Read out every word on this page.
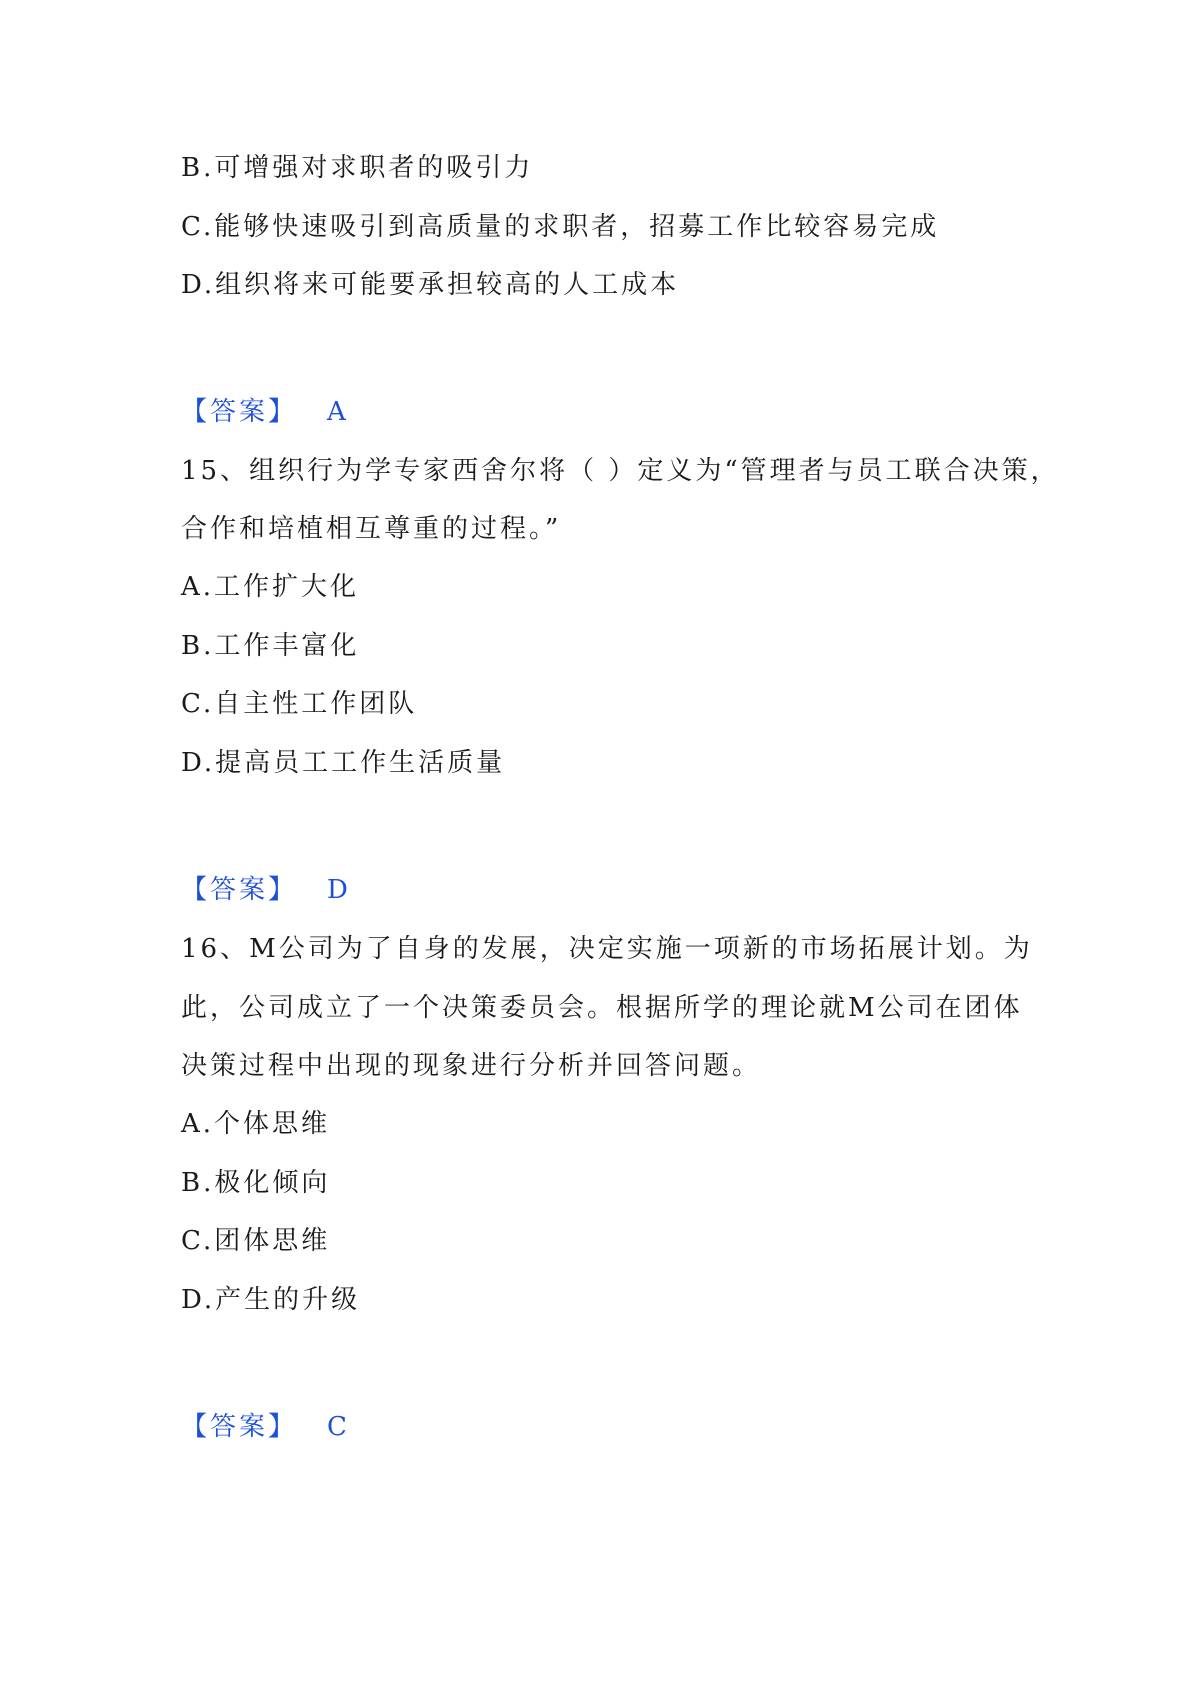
B.可增强对求职者的吸引力
C.能够快速吸引到高质量的求职者，招募工作比较容易完成
D.组织将来可能要承担较高的人工成本
【答案】 A
15、组织行为学专家西舍尔将（ ）定义为“管理者与员工联合决策，
合作和培植相互尊重的过程。”
A.工作扩大化
B.工作丰富化
C.自主性工作团队
D.提高员工工作生活质量
【答案】 D
16、M公司为了自身的发展，决定实施一项新的市场拓展计划。为
此，公司成立了一个决策委员会。根据所学的理论就M公司在团体
决策过程中出现的现象进行分析并回答问题。
A.个体思维
B.极化倾向
C.团体思维
D.产生的升级
【答案】 C
